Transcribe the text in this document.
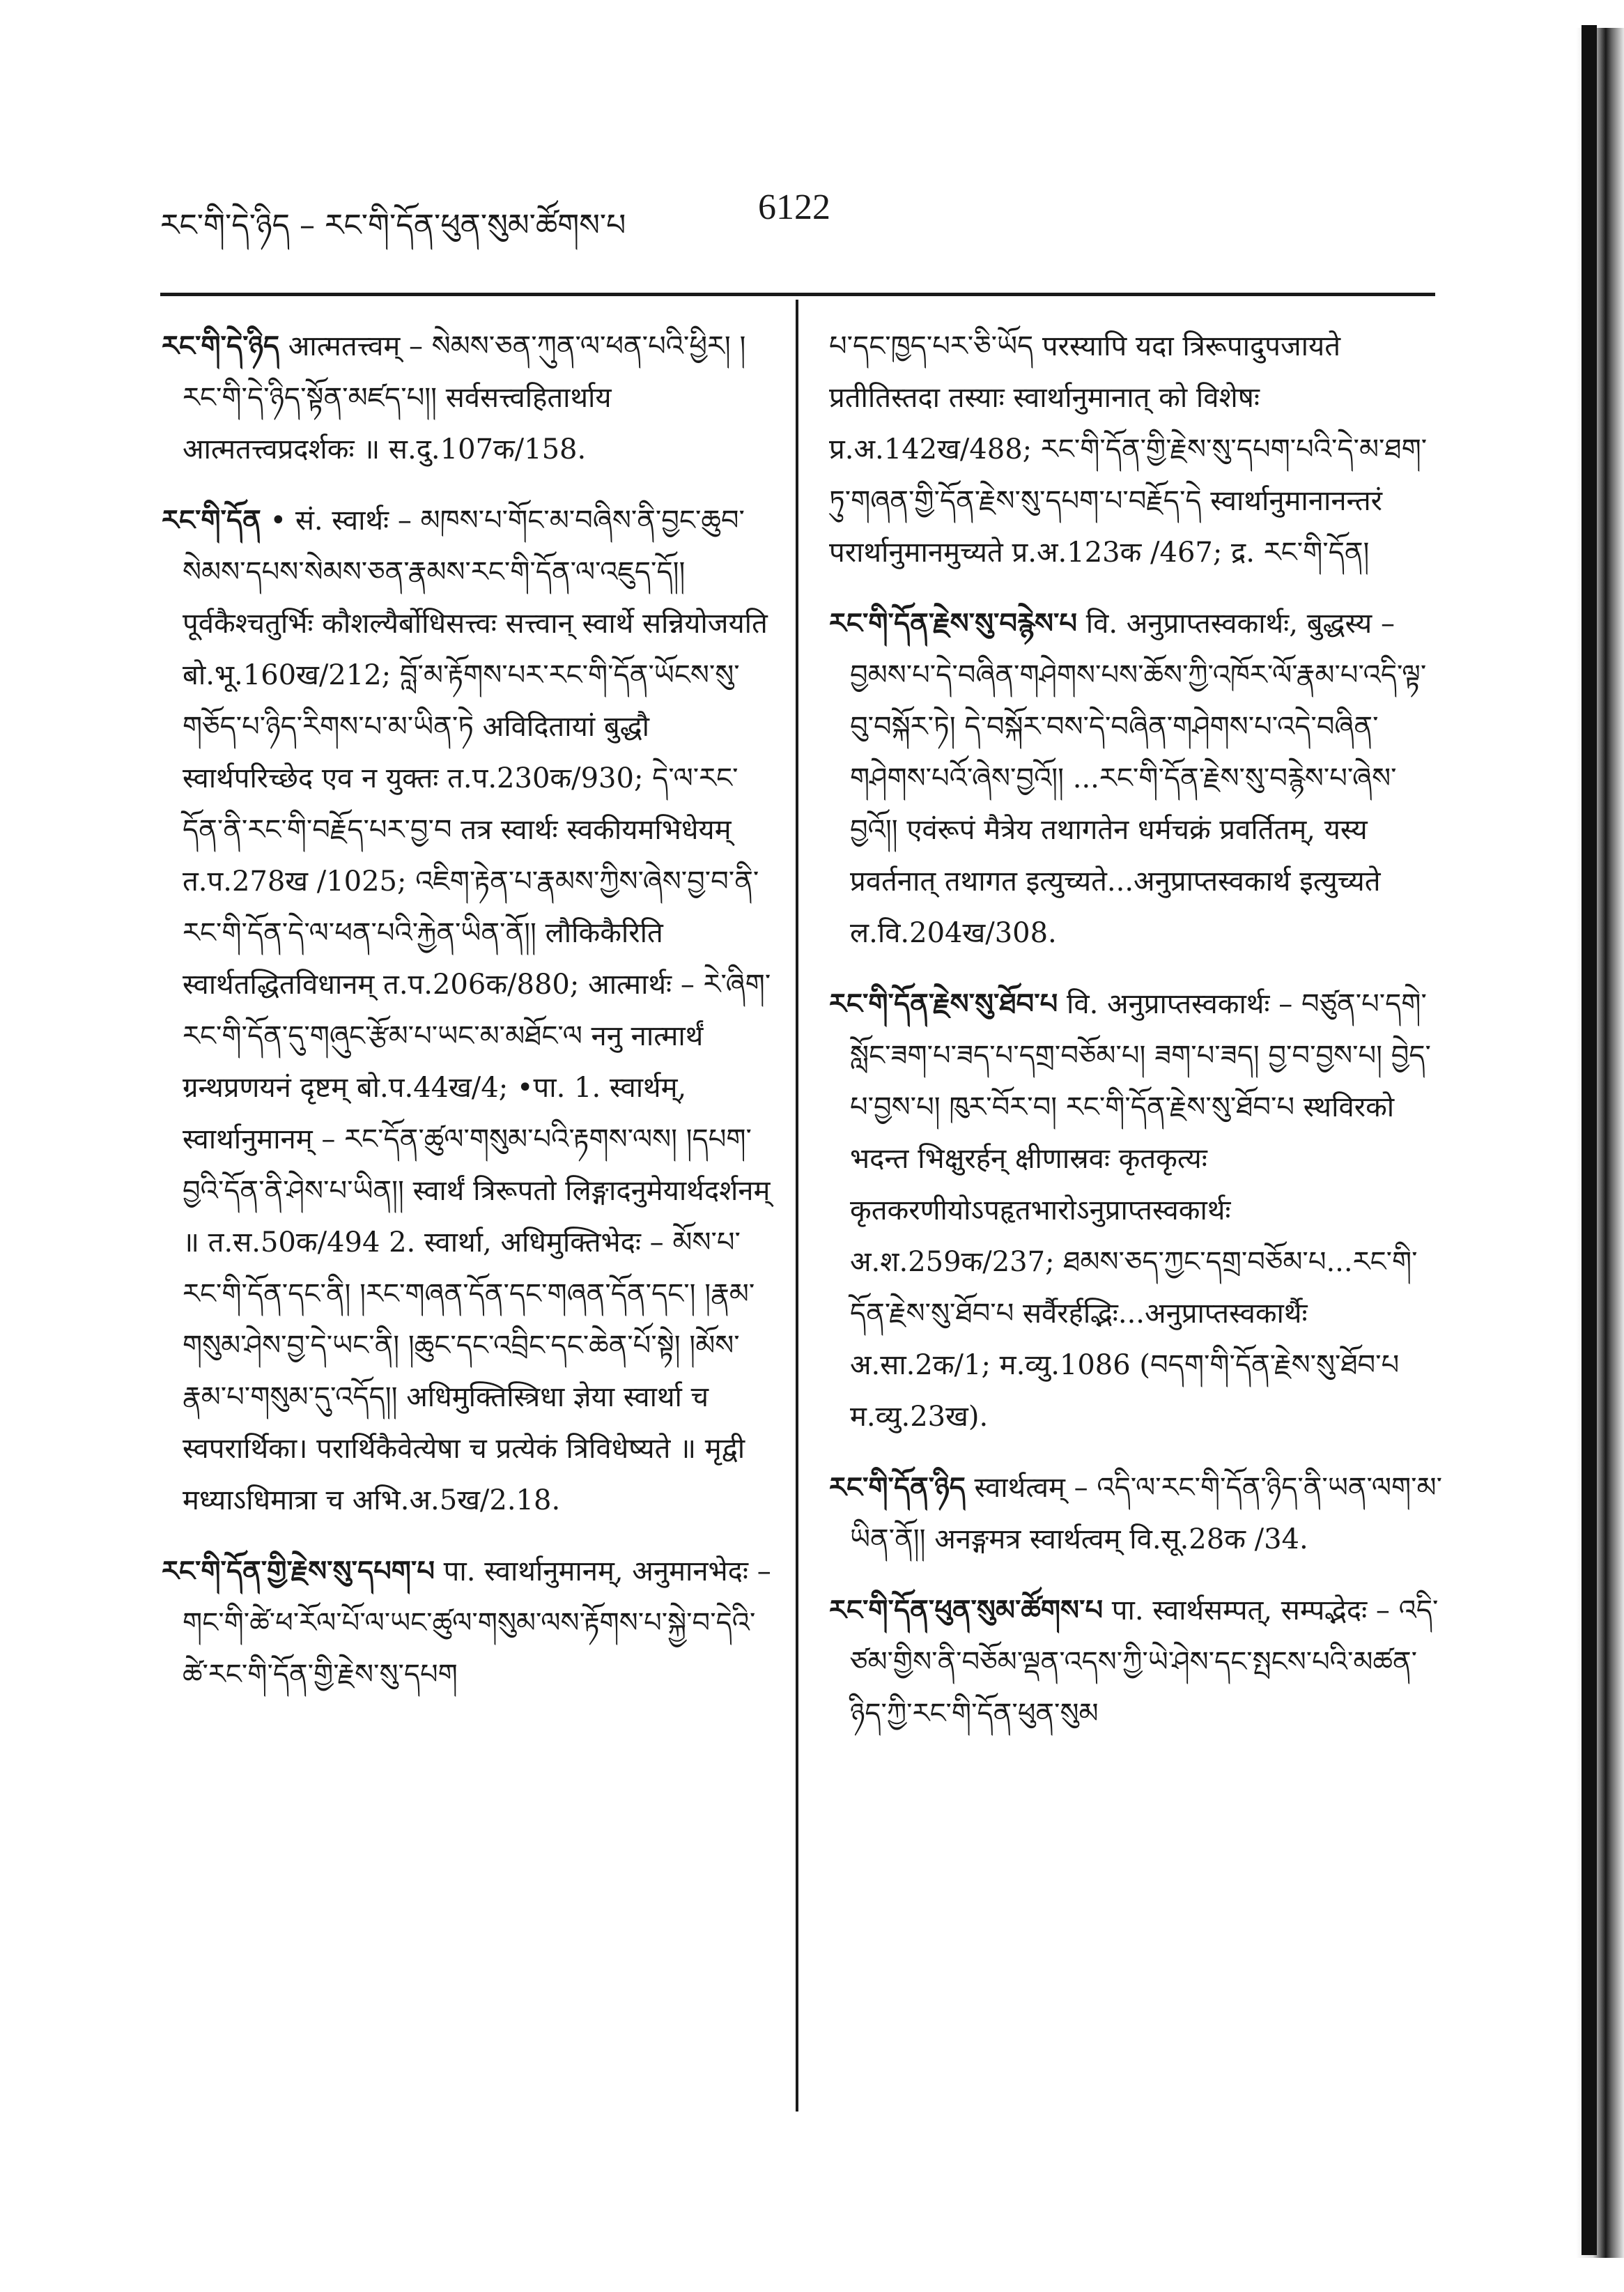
རང་གི་དེ་ཉིད – རང་གི་དོན་ཕུན་སུམ་ཚོགས་པ	6122

རང་གི་དེ་ཉིད आत्मतत्त्वम् – སེམས་ཅན་ཀུན་ལ་ཕན་པའི་ཕྱིར། །རང་གི་དེ་ཉིད་སྟོན་མཛད་པ།། सर्वसत्त्वहितार्थाय आत्मतत्त्वप्रदर्शकः ॥ स.दु.107क/158.

རང་གི་དོན • सं. स्वार्थः – མཁས་པ་གོང་མ་བཞིས་ནི་བྱང་ཆུབ་སེམས་དཔས་སེམས་ཅན་རྣམས་རང་གི་དོན་ལ་འཇུད་དོ།། पूर्वकैश्चतुर्भिः कौशल्यैर्बोधिसत्त्वः सत्त्वान् स्वार्थे सन्नियोजयति बो.भू.160ख/212; བློ་མ་རྟོགས་པར་རང་གི་དོན་ཡོངས་སུ་གཅོད་པ་ཉིད་རིགས་པ་མ་ཡིན་ཏེ अविदितायां बुद्धौ स्वार्थपरिच्छेद एव न युक्तः त.प.230क/930; དེ་ལ་རང་དོན་ནི་རང་གི་བརྗོད་པར་བྱ་བ तत्र स्वार्थः स्वकीयमभिधेयम् त.प.278ख /1025; འཇིག་རྟེན་པ་རྣམས་ཀྱིས་ཞེས་བྱ་བ་ནི་རང་གི་དོན་དེ་ལ་ཕན་པའི་རྐྱེན་ཡིན་ནོ།། लौकिकैरिति स्वार्थतद्धितविधानम् त.प.206क/880; आत्मार्थः – རེ་ཞིག་རང་གི་དོན་དུ་གཞུང་རྩོམ་པ་ཡང་མ་མཐོང་ལ ननु नात्मार्थं ग्रन्थप्रणयनं दृष्टम् बो.प.44ख/4; •पा. 1. स्वार्थम्, स्वार्थानुमानम् – རང་དོན་ཚུལ་གསུམ་པའི་རྟགས་ལས། །དཔག་བྱའི་དོན་ནི་ཤེས་པ་ཡིན།། स्वार्थं त्रिरूपतो लिङ्गादनुमेयार्थदर्शनम् ॥ त.स.50क/494 2. स्वार्था, अधिमुक्तिभेदः – མོས་པ་རང་གི་དོན་དང་ནི། །རང་གཞན་དོན་དང་གཞན་དོན་དང་། །རྣམ་གསུམ་ཤེས་བྱ་དེ་ཡང་ནི། །ཆུང་དང་འབྲིང་དང་ཆེན་པོ་སྟེ། །མོས་རྣམ་པ་གསུམ་དུ་འདོད།། अधिमुक्तिस्त्रिधा ज्ञेया स्वार्था च स्वपरार्थिका। परार्थिकैवेत्येषा च प्रत्येकं त्रिविधेष्यते ॥ मृद्वी मध्याऽधिमात्रा च अभि.अ.5ख/2.18.

རང་གི་དོན་གྱི་རྗེས་སུ་དཔག་པ पा. स्वार्थानुमानम्, अनुमानभेदः – གང་གི་ཚེ་ཕ་རོལ་པོ་ལ་ཡང་ཚུལ་གསུམ་ལས་རྟོགས་པ་སྐྱེ་བ་དེའི་ཚེ་རང་གི་དོན་གྱི་རྗེས་སུ་དཔག

པ་དང་ཁྱད་པར་ཅི་ཡོད परस्यापि यदा त्रिरूपादुपजायते प्रतीतिस्तदा तस्याः स्वार्थानुमानात् को विशेषः प्र.अ.142ख/488; རང་གི་དོན་གྱི་རྗེས་སུ་དཔག་པའི་དེ་མ་ཐག་ཏུ་གཞན་གྱི་དོན་རྗེས་སུ་དཔག་པ་བརྗོད་དེ स्वार्थानुमानानन्तरं परार्थानुमानमुच्यते प्र.अ.123क /467; द्र. རང་གི་དོན།

རང་གི་དོན་རྗེས་སུ་བརྙེས་པ वि. अनुप्राप्तस्वकार्थः, बुद्धस्य – བྱམས་པ་དེ་བཞིན་གཤེགས་པས་ཆོས་ཀྱི་འཁོར་ལོ་རྣམ་པ་འདི་ལྟ་བུ་བསྐོར་ཏེ། དེ་བསྐོར་བས་དེ་བཞིན་གཤེགས་པ་འདེ་བཞིན་གཤེགས་པའོ་ཞེས་བྱའོ།། ...རང་གི་དོན་རྗེས་སུ་བརྙེས་པ་ཞེས་བྱའོ།། एवंरूपं मैत्रेय तथागतेन धर्मचक्रं प्रवर्तितम्, यस्य प्रवर्तनात् तथागत इत्युच्यते...अनुप्राप्तस्वकार्थ इत्युच्यते ल.वि.204ख/308.

རང་གི་དོན་རྗེས་སུ་ཐོབ་པ वि. अनुप्राप्तस्वकार्थः – བཙུན་པ་དགེ་སློང་ཟག་པ་ཟད་པ་དགྲ་བཅོམ་པ། ཟག་པ་ཟད། བྱ་བ་བྱས་པ། བྱེད་པ་བྱས་པ། ཁུར་བོར་བ། རང་གི་དོན་རྗེས་སུ་ཐོབ་པ स्थविरको भदन्त भिक्षुरर्हन् क्षीणास्रवः कृतकृत्यः कृतकरणीयोऽपहृतभारोऽनुप्राप्तस्वकार्थः अ.श.259क/237; ཐམས་ཅད་ཀྱང་དགྲ་བཅོམ་པ...རང་གི་དོན་རྗེས་སུ་ཐོབ་པ सर्वैरर्हद्भिः...अनुप्राप्तस्वकार्थैः अ.सा.2क/1; म.व्यु.1086 (བདག་གི་དོན་རྗེས་སུ་ཐོབ་པ म.व्यु.23ख).

རང་གི་དོན་ཉིད स्वार्थत्वम् – འདི་ལ་རང་གི་དོན་ཉིད་ནི་ཡན་ལག་མ་ཡིན་ནོ།། अनङ्गमत्र स्वार्थत्वम् वि.सू.28क /34.

རང་གི་དོན་ཕུན་སུམ་ཚོགས་པ पा. स्वार्थसम्पत्, सम्पद्भेदः – འདི་ཙམ་གྱིས་ནི་བཅོམ་ལྡན་འདས་ཀྱི་ཡེ་ཤེས་དང་སྤངས་པའི་མཚན་ཉིད་ཀྱི་རང་གི་དོན་ཕུན་སུམ
